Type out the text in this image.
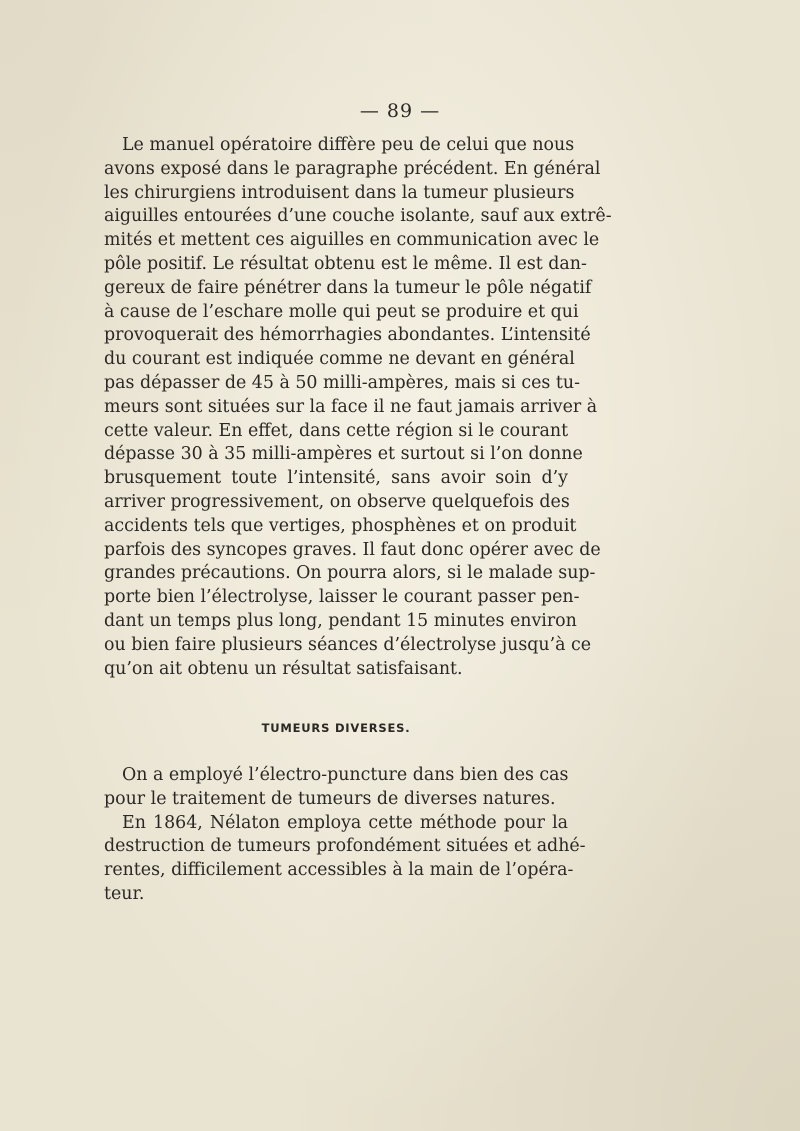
— 89 —
Le manuel opératoire diffère peu de celui que nous
avons exposé dans le paragraphe précédent. En général
les chirurgiens introduisent dans la tumeur plusieurs
aiguilles entourées d’une couche isolante, sauf aux extrê-
mités et mettent ces aiguilles en communication avec le
pôle positif. Le résultat obtenu est le même. Il est dan-
gereux de faire pénétrer dans la tumeur le pôle négatif
à cause de l’eschare molle qui peut se produire et qui
provoquerait des hémorrhagies abondantes. L’intensité
du courant est indiquée comme ne devant en général
pas dépasser de 45 à 50 milli-ampères, mais si ces tu-
meurs sont situées sur la face il ne faut jamais arriver à
cette valeur. En effet, dans cette région si le courant
dépasse 30 à 35 milli-ampères et surtout si l’on donne
brusquement toute l’intensité, sans avoir soin d’y
arriver progressivement, on observe quelquefois des
accidents tels que vertiges, phosphènes et on produit
parfois des syncopes graves. Il faut donc opérer avec de
grandes précautions. On pourra alors, si le malade sup-
porte bien l’électrolyse, laisser le courant passer pen-
dant un temps plus long, pendant 15 minutes environ
ou bien faire plusieurs séances d’électrolyse jusqu’à ce
qu’on ait obtenu un résultat satisfaisant.
TUMEURS DIVERSES.
On a employé l’électro-puncture dans bien des cas
pour le traitement de tumeurs de diverses natures.
En 1864, Nélaton employa cette méthode pour la
destruction de tumeurs profondément situées et adhé-
rentes, difficilement accessibles à la main de l’opéra-
teur.
